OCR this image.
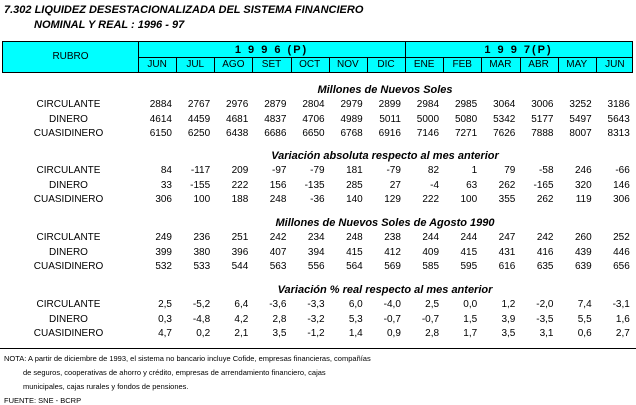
7.302 LIQUIDEZ DESESTACIONALIZADA DEL SISTEMA FINANCIERO
NOMINAL Y REAL : 1996 - 97
RUBRO
1 9 9 6 (P)	1 9 9 7(P)
JUN	JUL	AGO	SET	OCT	NOV	DIC	ENE	FEB	MAR	ABR	MAY	JUN
Millones de Nuevos Soles
CIRCULANTE	2884	2767	2976	2879	2804	2979	2899	2984	2985	3064	3006	3252	3186
DINERO	4614	4459	4681	4837	4706	4989	5011	5000	5080	5342	5177	5497	5643
CUASIDINERO	6150	6250	6438	6686	6650	6768	6916	7146	7271	7626	7888	8007	8313
Variación absoluta respecto al mes anterior
CIRCULANTE	84	-117	209	-97	-79	181	-79	82	1	79	-58	246	-66
DINERO	33	-155	222	156	-135	285	27	-4	63	262	-165	320	146
CUASIDINERO	306	100	188	248	-36	140	129	222	100	355	262	119	306
Millones de Nuevos Soles de Agosto 1990
CIRCULANTE	249	236	251	242	234	248	238	244	244	247	242	260	252
DINERO	399	380	396	407	394	415	412	409	415	431	416	439	446
CUASIDINERO	532	533	544	563	556	564	569	585	595	616	635	639	656
Variación % real respecto al mes anterior
CIRCULANTE	2,5	-5,2	6,4	-3,6	-3,3	6,0	-4,0	2,5	0,0	1,2	-2,0	7,4	-3,1
DINERO	0,3	-4,8	4,2	2,8	-3,2	5,3	-0,7	-0,7	1,5	3,9	-3,5	5,5	1,6
CUASIDINERO	4,7	0,2	2,1	3,5	-1,2	1,4	0,9	2,8	1,7	3,5	3,1	0,6	2,7
NOTA: A partir de diciembre de 1993, el sistema no bancario incluye Cofide, empresas financieras, compañías
de seguros, cooperativas de ahorro y crédito, empresas de arrendamiento financiero, cajas
municipales, cajas rurales y fondos de pensiones.
FUENTE: SNE - BCRP
